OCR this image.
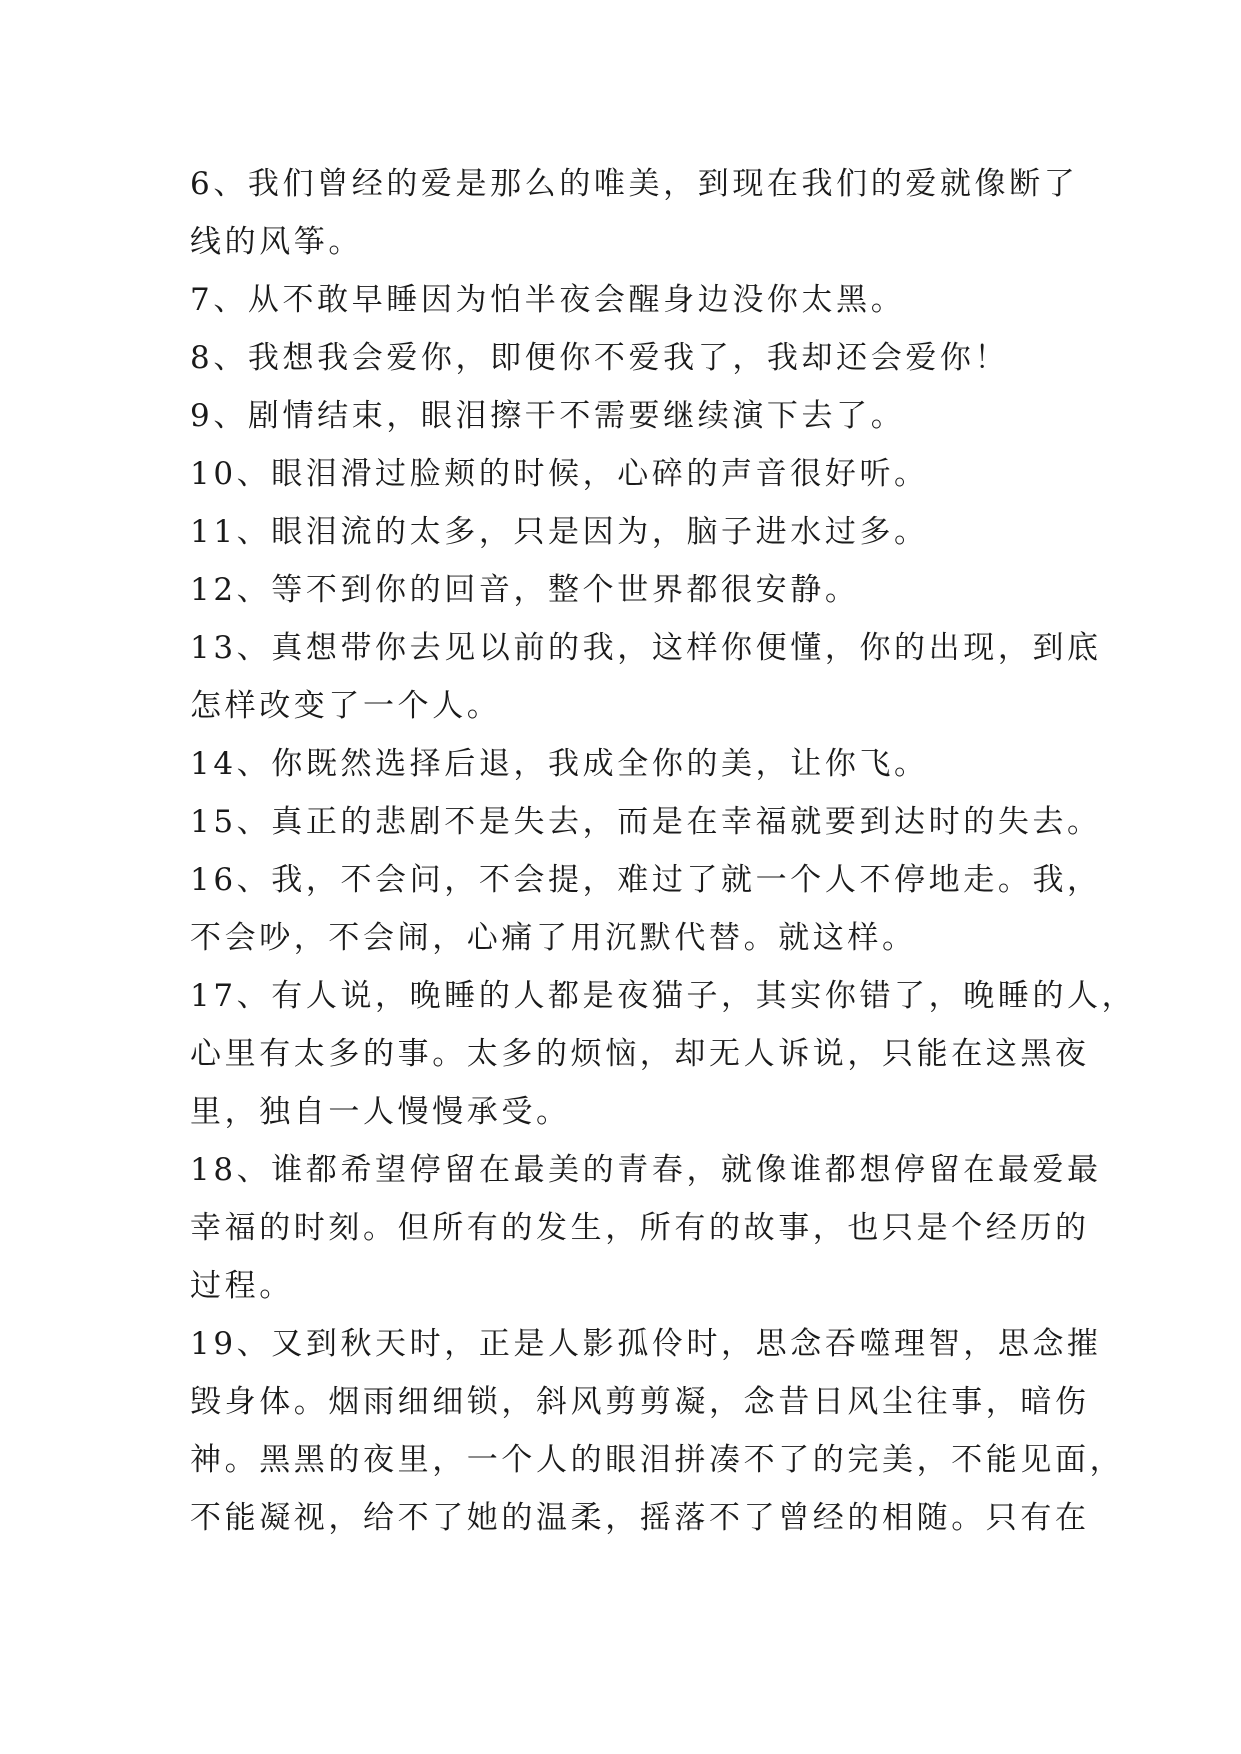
6、我们曾经的爱是那么的唯美，到现在我们的爱就像断了
线的风筝。

7、从不敢早睡因为怕半夜会醒身边没你太黑。

8、我想我会爱你，即便你不爱我了，我却还会爱你！

9、剧情结束，眼泪擦干不需要继续演下去了。

10、眼泪滑过脸颊的时候，心碎的声音很好听。

11、眼泪流的太多，只是因为，脑子进水过多。

12、等不到你的回音，整个世界都很安静。

13、真想带你去见以前的我，这样你便懂，你的出现，到底
怎样改变了一个人。

14、你既然选择后退，我成全你的美，让你飞。

15、真正的悲剧不是失去，而是在幸福就要到达时的失去。

16、我，不会问，不会提，难过了就一个人不停地走。我，
不会吵，不会闹，心痛了用沉默代替。就这样。

17、有人说，晚睡的人都是夜猫子，其实你错了，晚睡的人，
心里有太多的事。太多的烦恼，却无人诉说，只能在这黑夜
里，独自一人慢慢承受。

18、谁都希望停留在最美的青春，就像谁都想停留在最爱最
幸福的时刻。但所有的发生，所有的故事，也只是个经历的
过程。

19、又到秋天时，正是人影孤伶时，思念吞噬理智，思念摧
毁身体。烟雨细细锁，斜风剪剪凝，念昔日风尘往事，暗伤
神。黑黑的夜里，一个人的眼泪拼凑不了的完美，不能见面，
不能凝视，给不了她的温柔，摇落不了曾经的相随。只有在
